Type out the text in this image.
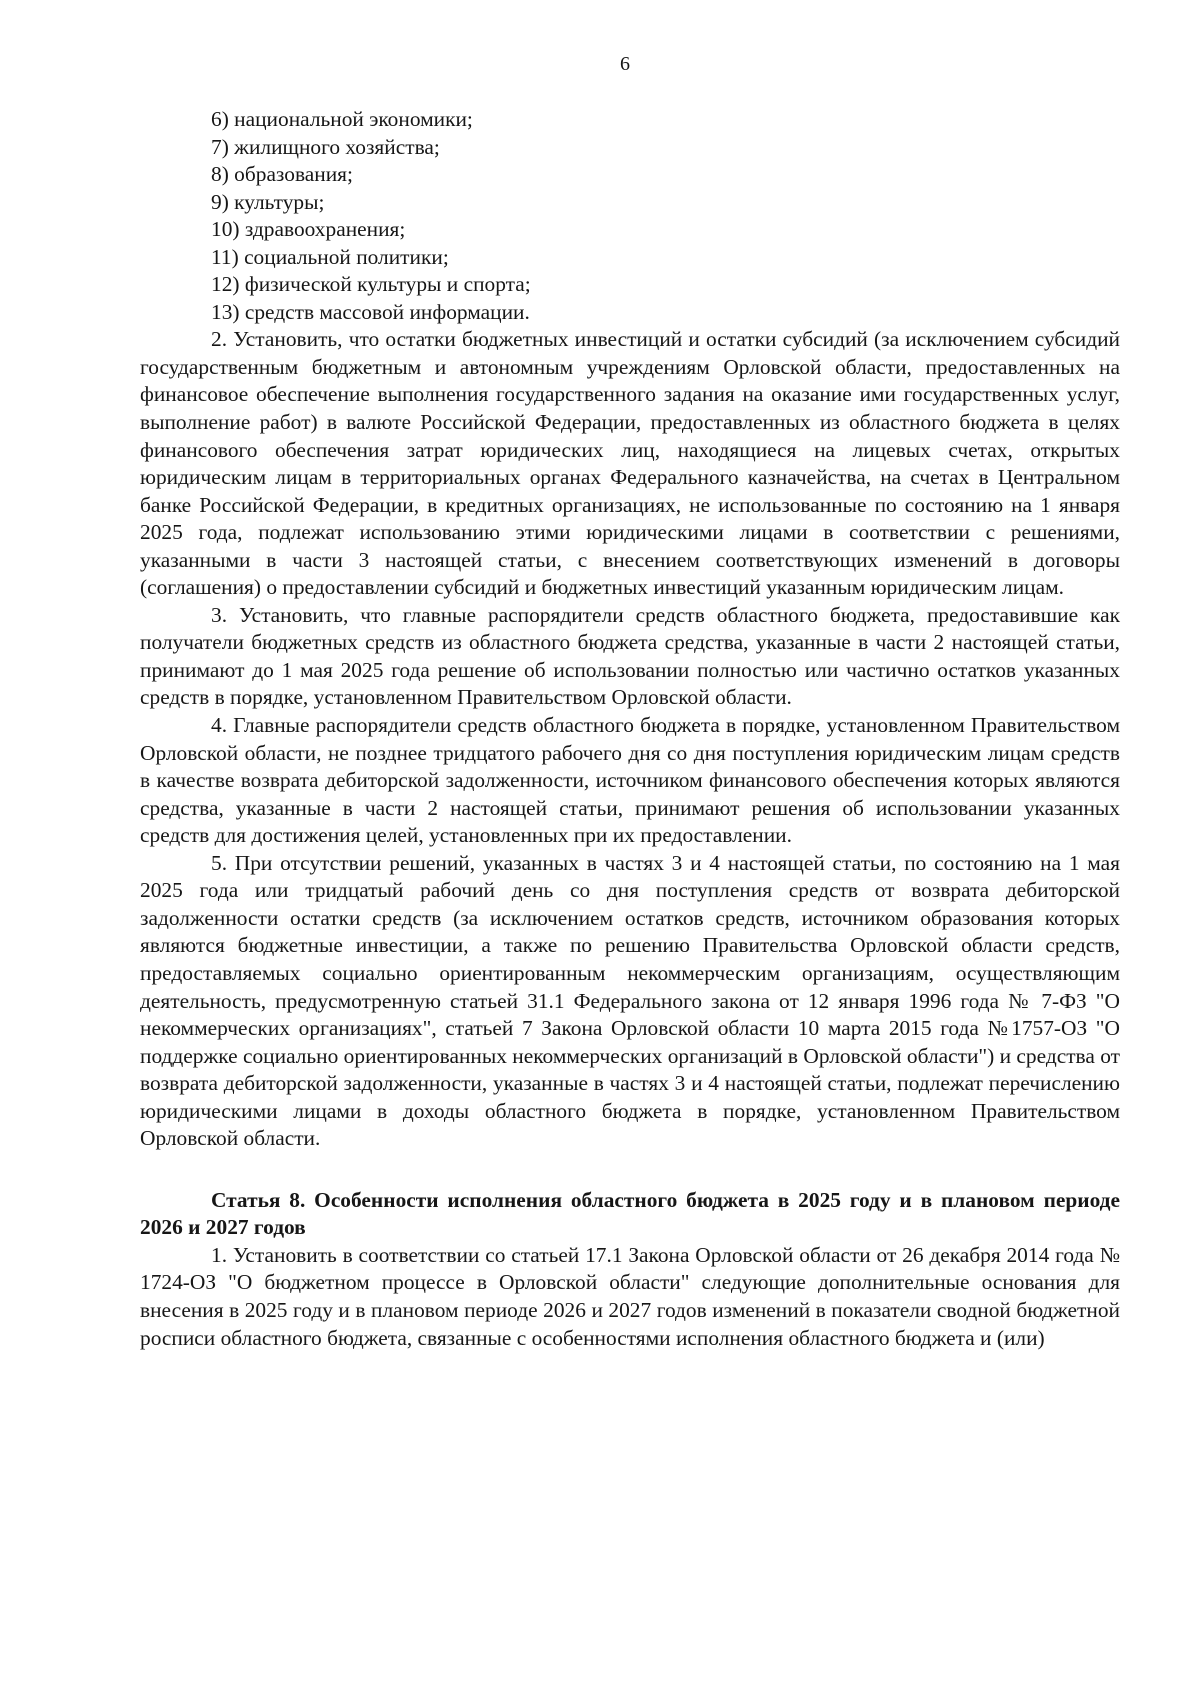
6
6) национальной экономики;
7) жилищного хозяйства;
8) образования;
9) культуры;
10) здравоохранения;
11) социальной политики;
12) физической культуры и спорта;
13) средств массовой информации.
2. Установить, что остатки бюджетных инвестиций и остатки субсидий (за исключением субсидий государственным бюджетным и автономным учреждениям Орловской области, предоставленных на финансовое обеспечение выполнения государственного задания на оказание ими государственных услуг, выполнение работ) в валюте Российской Федерации, предоставленных из областного бюджета в целях финансового обеспечения затрат юридических лиц, находящиеся на лицевых счетах, открытых юридическим лицам в территориальных органах Федерального казначейства, на счетах в Центральном банке Российской Федерации, в кредитных организациях, не использованные по состоянию на 1 января 2025 года, подлежат использованию этими юридическими лицами в соответствии с решениями, указанными в части 3 настоящей статьи, с внесением соответствующих изменений в договоры (соглашения) о предоставлении субсидий и бюджетных инвестиций указанным юридическим лицам.
3. Установить, что главные распорядители средств областного бюджета, предоставившие как получатели бюджетных средств из областного бюджета средства, указанные в части 2 настоящей статьи, принимают до 1 мая 2025 года решение об использовании полностью или частично остатков указанных средств в порядке, установленном Правительством Орловской области.
4. Главные распорядители средств областного бюджета в порядке, установленном Правительством Орловской области, не позднее тридцатого рабочего дня со дня поступления юридическим лицам средств в качестве возврата дебиторской задолженности, источником финансового обеспечения которых являются средства, указанные в части 2 настоящей статьи, принимают решения об использовании указанных средств для достижения целей, установленных при их предоставлении.
5. При отсутствии решений, указанных в частях 3 и 4 настоящей статьи, по состоянию на 1 мая 2025 года или тридцатый рабочий день со дня поступления средств от возврата дебиторской задолженности остатки средств (за исключением остатков средств, источником образования которых являются бюджетные инвестиции, а также по решению Правительства Орловской области средств, предоставляемых социально ориентированным некоммерческим организациям, осуществляющим деятельность, предусмотренную статьей 31.1 Федерального закона от 12 января 1996 года № 7-ФЗ "О некоммерческих организациях", статьей 7 Закона Орловской области 10 марта 2015 года №1757-ОЗ "О поддержке социально ориентированных некоммерческих организаций в Орловской области") и средства от возврата дебиторской задолженности, указанные в частях 3 и 4 настоящей статьи, подлежат перечислению юридическими лицами в доходы областного бюджета в порядке, установленном Правительством Орловской области.
Статья 8. Особенности исполнения областного бюджета в 2025 году и в плановом периоде 2026 и 2027 годов
1. Установить в соответствии со статьей 17.1 Закона Орловской области от 26 декабря 2014 года № 1724-ОЗ "О бюджетном процессе в Орловской области" следующие дополнительные основания для внесения в 2025 году и в плановом периоде 2026 и 2027 годов изменений в показатели сводной бюджетной росписи областного бюджета, связанные с особенностями исполнения областного бюджета и (или)
